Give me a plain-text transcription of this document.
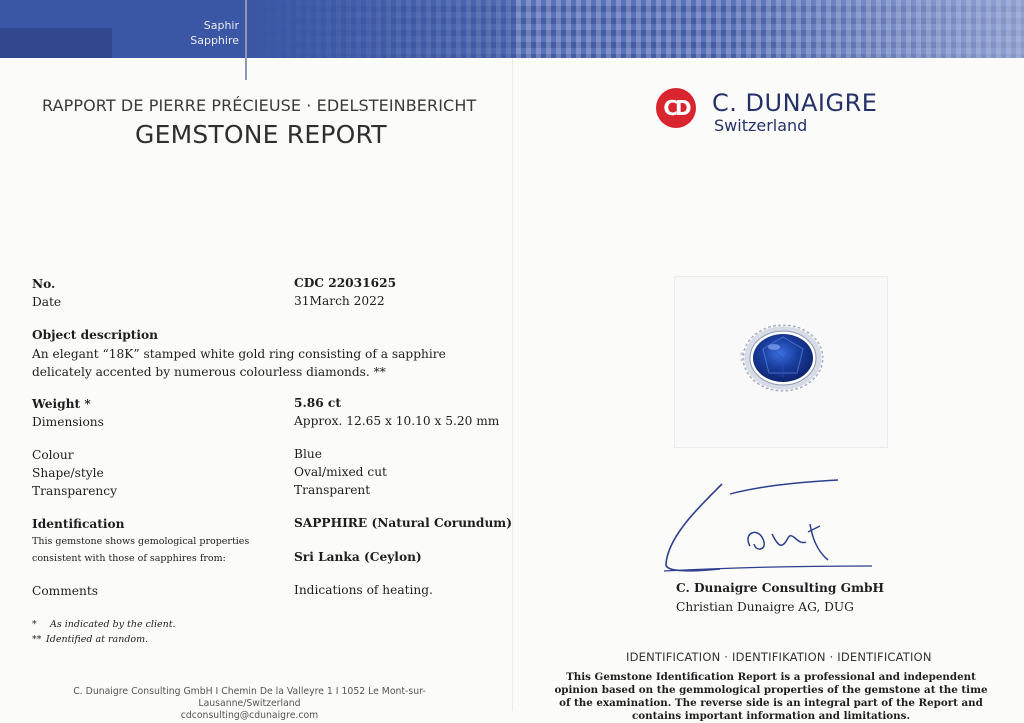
Saphir
Sapphire
RAPPORT DE PIERRE PRÉCIEUSE · EDELSTEINBERICHT
GEMSTONE REPORT
No.	CDC 22031625
Date	31March 2022
Object description
An elegant “18K” stamped white gold ring consisting of a sapphire delicately accented by numerous colourless diamonds. **
Weight *	5.86 ct
Dimensions	Approx. 12.65 x 10.10 x 5.20 mm
Colour	Blue
Shape/style	Oval/mixed cut
Transparency	Transparent
Identification	SAPPHIRE (Natural Corundum)
This gemstone shows gemological properties
consistent with those of sapphires from:	Sri Lanka (Ceylon)
Comments	Indications of heating.
* As indicated by the client.
** Identified at random.
C. Dunaigre Consulting GmbH I Chemin De la Valleyre 1 I 1052 Le Mont-sur-Lausanne/Switzerland
cdconsulting@cdunaigre.com
CD C. DUNAIGRE
Switzerland
C. Dunaigre Consulting GmbH
Christian Dunaigre AG, DUG
IDENTIFICATION · IDENTIFIKATION · IDENTIFICATION
This Gemstone Identification Report is a professional and independent opinion based on the gemmological properties of the gemstone at the time of the examination. The reverse side is an integral part of the Report and contains important information and limitations.
